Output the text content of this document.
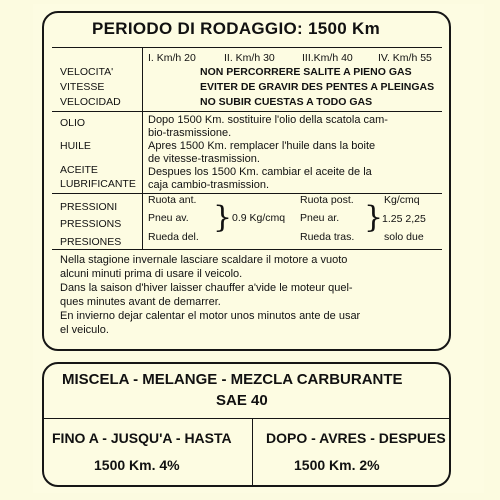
PERIODO DI RODAGGIO: 1500 Km
I. Km/h 20	II. Km/h 30	III.Km/h 40 IV. Km/h 55
VELOCITA'
VITESSE
VELOCIDAD
NON PERCORRERE SALITE A PIENO GAS
EVITER DE GRAVIR DES PENTES A PLEINGAS
NO SUBIR CUESTAS A TODO GAS
OLIO
HUILE
ACEITE
LUBRIFICANTE
Dopo 1500 Km. sostituire l'olio della scatola cam-
bio-trasmissione.
Apres 1500 Km. remplacer l'huile dans la boite
de vitesse-trasmission.
Despues los 1500 Km. cambiar el aceite de la
caja cambio-trasmission.
PRESSIONI
PRESSIONS
PRESIONES
Ruota ant.
Pneu av.
Rueda del.
} 0.9 Kg/cmq
Ruota post.
Pneu ar.
Rueda tras.
} Kg/cmq
1.25 2,25
solo due
Nella stagione invernale lasciare scaldare il motore a vuoto
alcuni minuti prima di usare il veicolo.
Dans la saison d'hiver laisser chauffer a'vide le moteur quel-
ques minutes avant de demarrer.
En invierno dejar calentar el motor unos minutos ante de usar
el veiculo.
MISCELA - MELANGE - MEZCLA CARBURANTE
SAE 40
FINO A - JUSQU'A - HASTA
1500 Km. 4%
DOPO - AVRES - DESPUES
1500 Km. 2%
